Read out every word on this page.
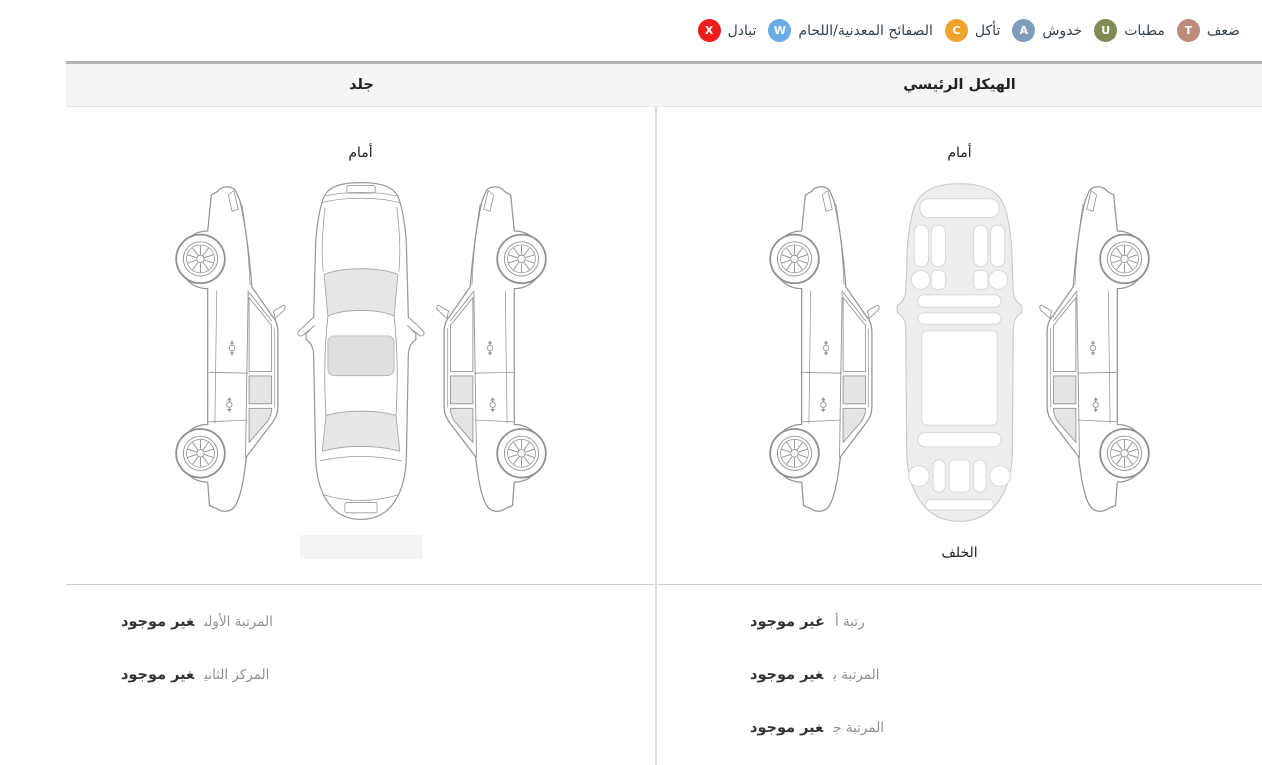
ضعف
T
مطبات
U
خدوش
A
تأكل
C
الصفائح المعدنية/اللحام
W
تبادل
X
الهيكل الرئيسي
جلد
أمام
الخلف
رتبة أغير موجود
المرتبة بغير موجود
المرتبة جغير موجود
أمام
المرتبة الأولىغير موجود
المركز الثانيغير موجود
